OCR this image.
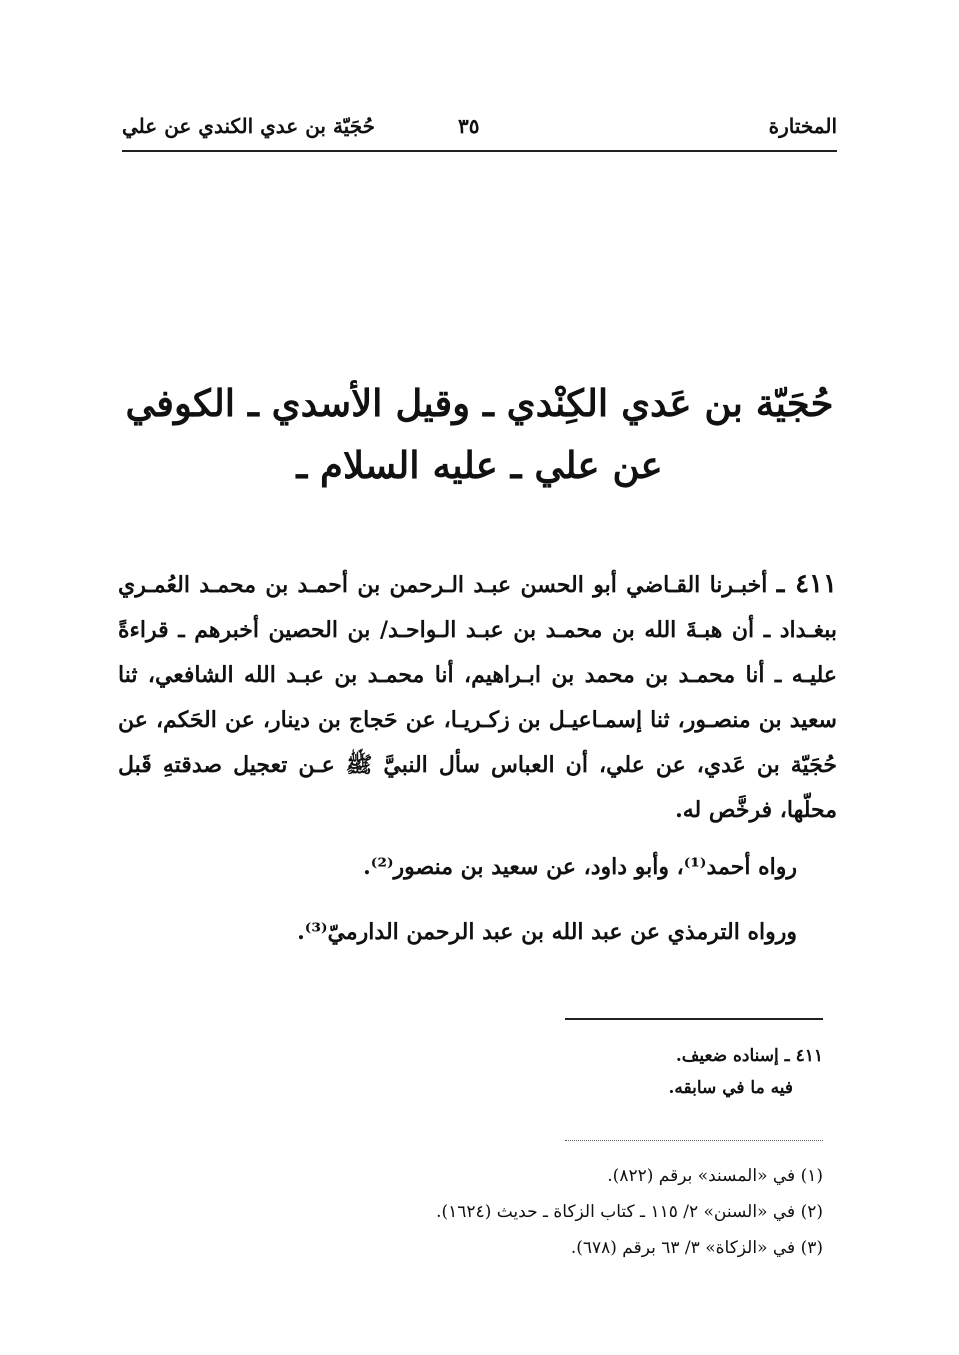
المختارة
٣٥
حُجَيّة بن عدي الكندي عن علي
حُجَيّة بن عَدي الكِنْدي ـ وقيل الأسدي ـ الكوفي
عن علي ـ عليه السلام ـ
٤١١ ـ أخبـرنا القـاضي أبو الحسن عبـد الـرحمن بن أحمـد بن محمـد العُمـري ببغـداد ـ أن هبـةَ الله بن محمـد بن عبـد الـواحـد/ بن الحصين أخبرهم ـ قراءةً عليـه ـ أنا محمـد بن محمد بن ابـراهيم، أنا محمـد بن عبـد الله الشافعي، ثنا سعيد بن منصـور، ثنا إسمـاعيـل بن زكـريـا، عن حَجاج بن دينار، عن الحَكم، عن حُجَيّة بن عَدي، عن علي، أن العباس سأل النبيَّ ﷺ عـن تعجيل صدقتهِ قَبل محلّها، فرخَّص له.
رواه أحمد⁽¹⁾، وأبو داود، عن سعيد بن منصور⁽²⁾.
ورواه الترمذي عن عبد الله بن عبد الرحمن الدارميّ⁽³⁾.
٤١١ ـ إسناده ضعيف.
فيه ما في سابقه.
(١) في «المسند» برقم (٨٢٢).
(٢) في «السنن» ٢/ ١١٥ ـ كتاب الزكاة ـ حديث (١٦٢٤).
(٣) في «الزكاة» ٣/ ٦٣ برقم (٦٧٨).
